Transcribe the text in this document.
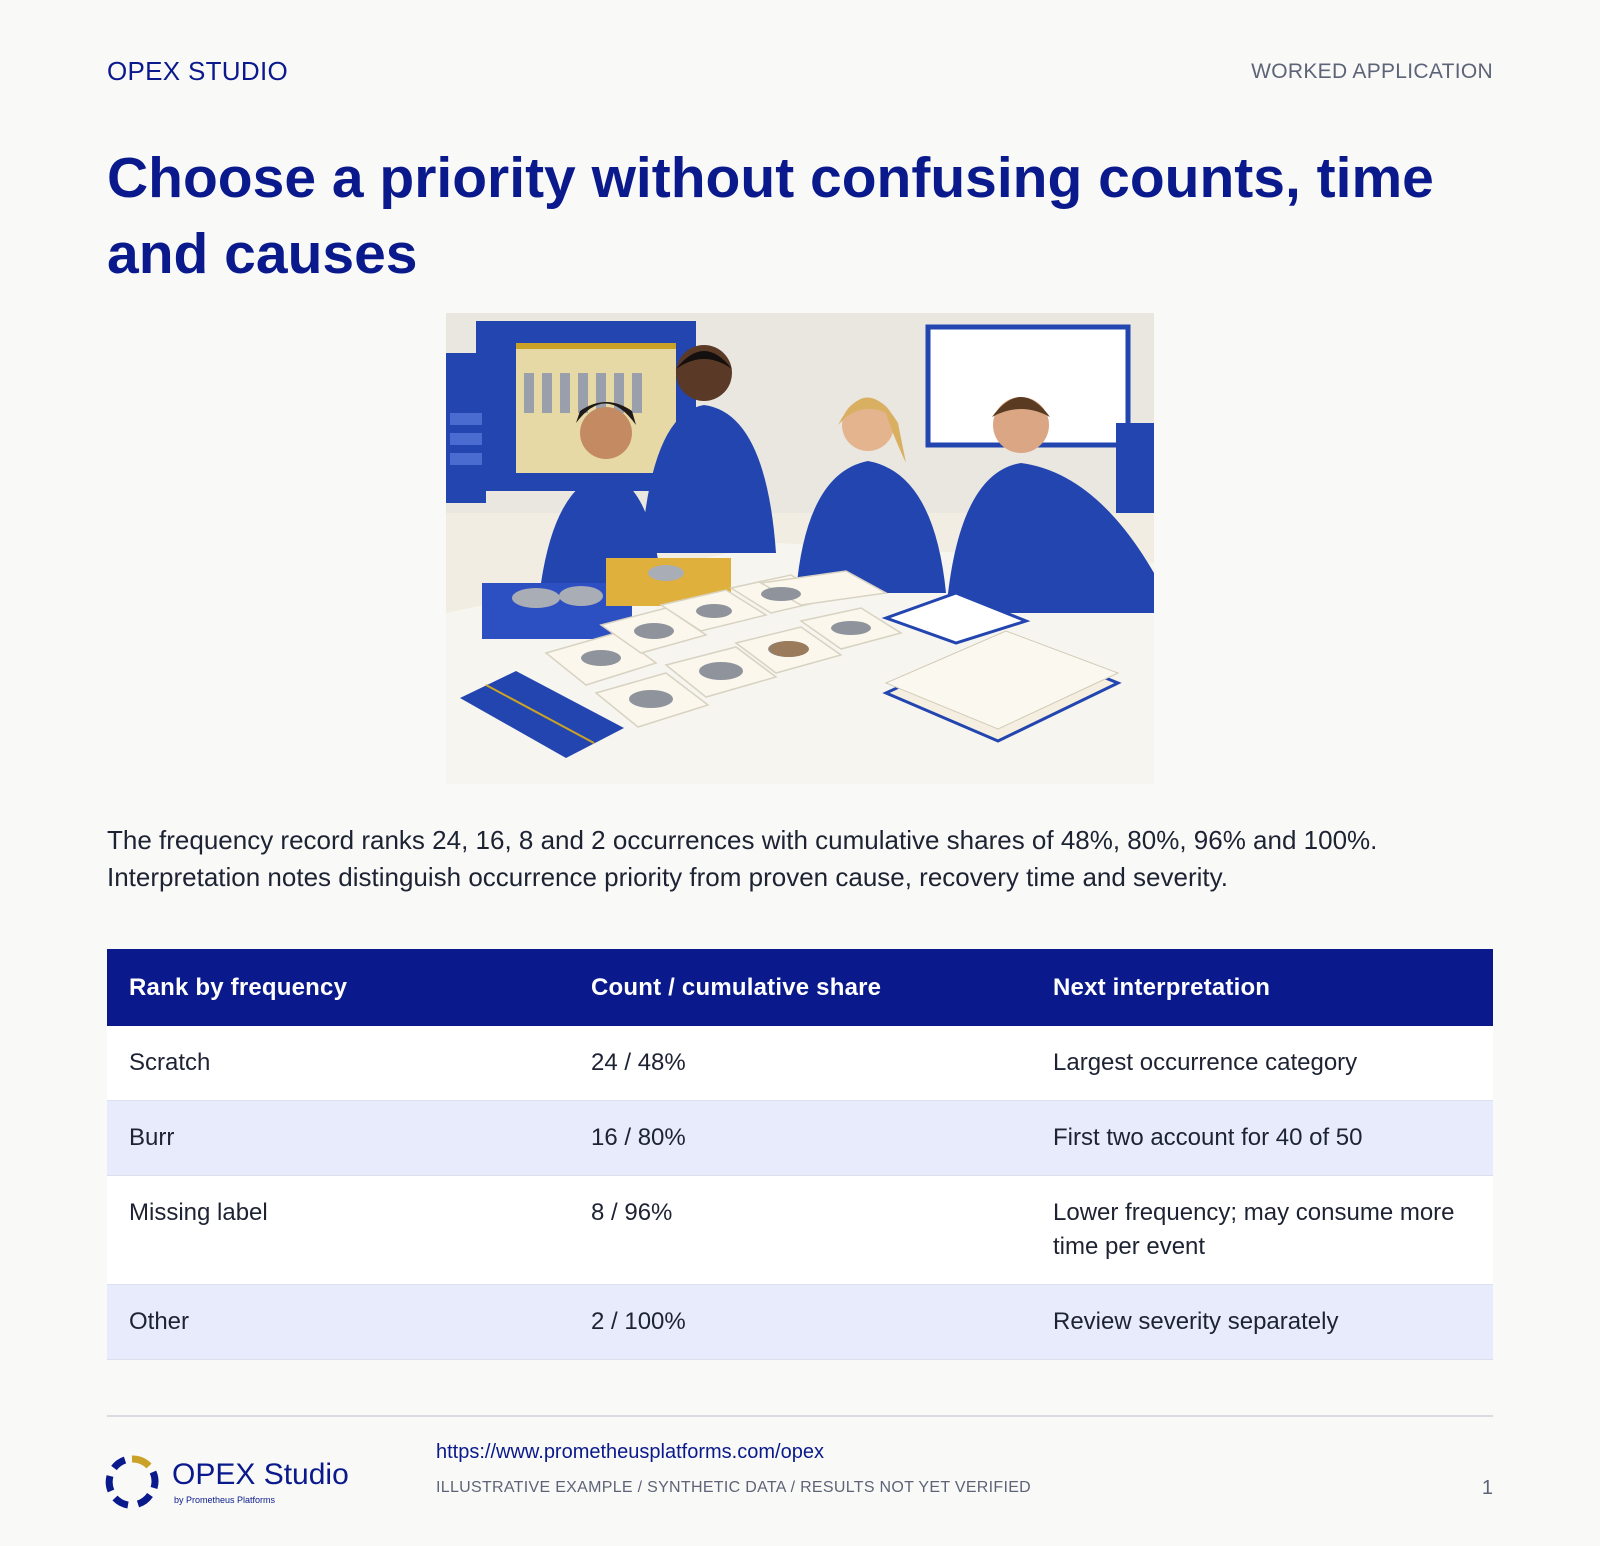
OPEX STUDIO	WORKED APPLICATION
Choose a priority without confusing counts, time and causes

The frequency record ranks 24, 16, 8 and 2 occurrences with cumulative shares of 48%, 80%, 96% and 100%. Interpretation notes distinguish occurrence priority from proven cause, recovery time and severity.

Rank by frequency	Count / cumulative share	Next interpretation
Scratch	24 / 48%	Largest occurrence category
Burr	16 / 80%	First two account for 40 of 50
Missing label	8 / 96%	Lower frequency; may consume more time per event
Other	2 / 100%	Review severity separately
OPEX Studio
by Prometheus Platforms
https://www.prometheusplatforms.com/opex
ILLUSTRATIVE EXAMPLE / SYNTHETIC DATA / RESULTS NOT YET VERIFIED	1
